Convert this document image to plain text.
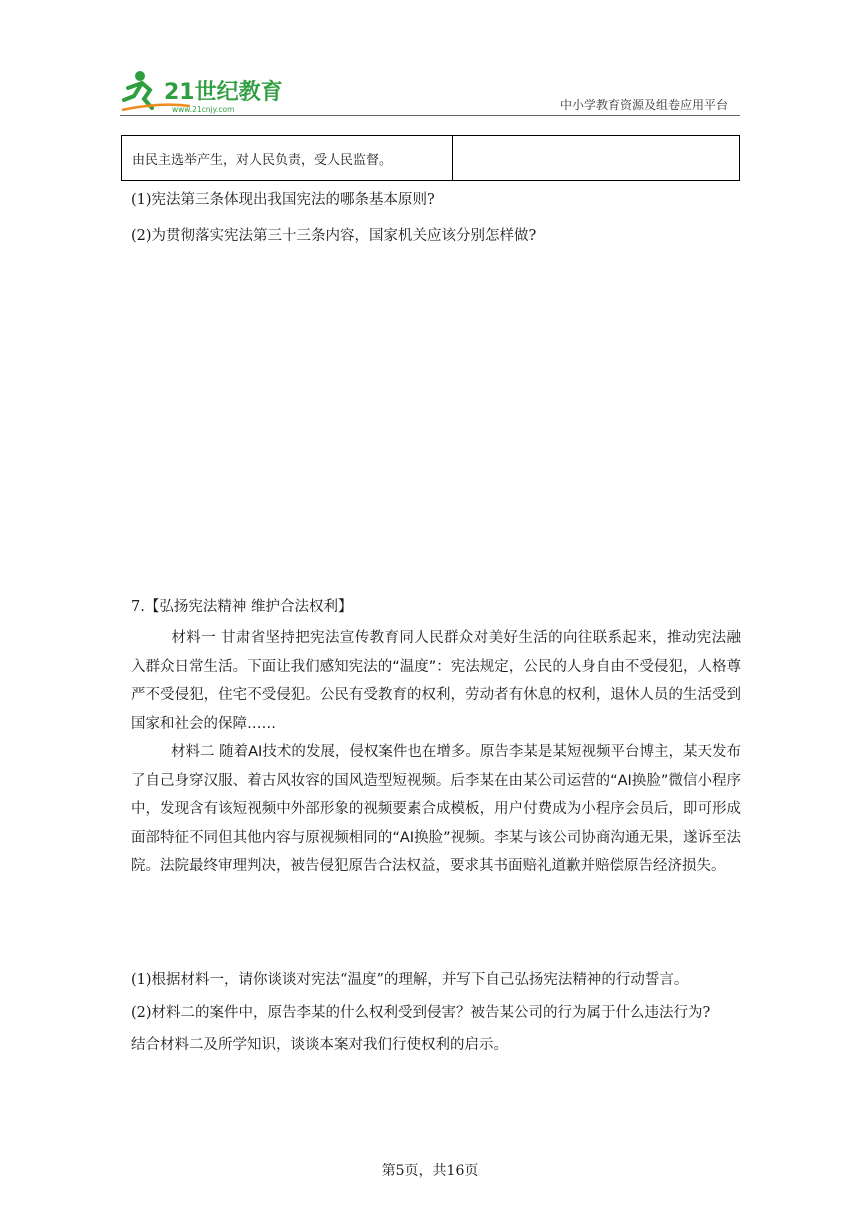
21世纪教育
www.21cnjy.com	中小学教育资源及组卷应用平台
由民主选举产生，对人民负责，受人民监督。	
(1)宪法第三条体现出我国宪法的哪条基本原则?
(2)为贯彻落实宪法第三十三条内容，国家机关应该分别怎样做?
7.【弘扬宪法精神 维护合法权利】
材料一 甘肃省坚持把宪法宣传教育同人民群众对美好生活的向往联系起来，推动宪法融入群众日常生活。下面让我们感知宪法的“温度”：宪法规定，公民的人身自由不受侵犯，人格尊严不受侵犯，住宅不受侵犯。公民有受教育的权利，劳动者有休息的权利，退休人员的生活受到国家和社会的保障……
材料二 随着AI技术的发展，侵权案件也在增多。原告李某是某短视频平台博主，某天发布了自己身穿汉服、着古风妆容的国风造型短视频。后李某在由某公司运营的“AI换脸”微信小程序中，发现含有该短视频中外部形象的视频要素合成模板，用户付费成为小程序会员后，即可形成面部特征不同但其他内容与原视频相同的“AI换脸”视频。李某与该公司协商沟通无果，遂诉至法院。法院最终审理判决，被告侵犯原告合法权益，要求其书面赔礼道歉并赔偿原告经济损失。
(1)根据材料一，请你谈谈对宪法“温度”的理解，并写下自己弘扬宪法精神的行动誓言。
(2)材料二的案件中，原告李某的什么权利受到侵害？被告某公司的行为属于什么违法行为?
结合材料二及所学知识，谈谈本案对我们行使权利的启示。
第5页，共16页
